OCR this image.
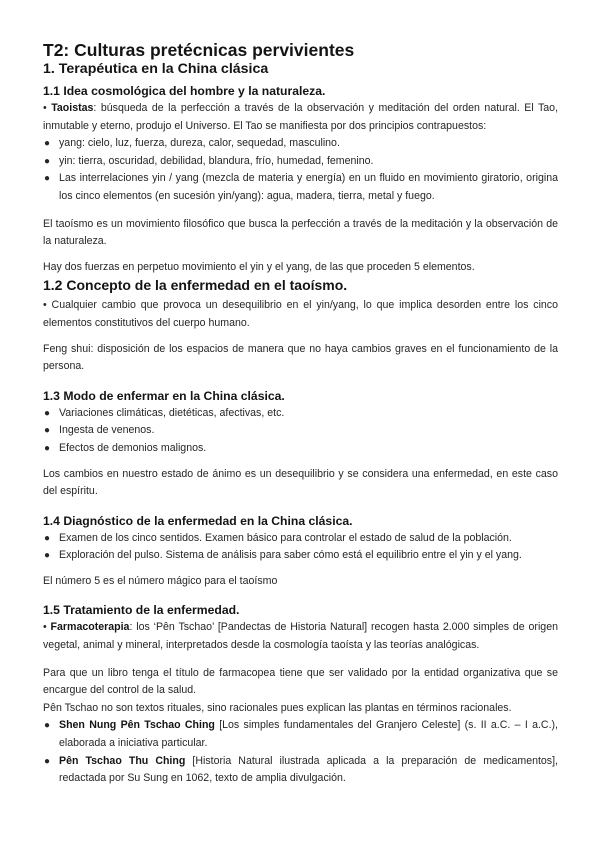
T2: Culturas pretécnicas pervivientes
1. Terapéutica en la China clásica
1.1 Idea cosmológica del hombre y la naturaleza.

• Taoistas: búsqueda de la perfección a través de la observación y meditación del orden natural. El Tao, inmutable y eterno, produjo el Universo. El Tao se manifiesta por dos principios contrapuestos:

● yang: cielo, luz, fuerza, dureza, calor, sequedad, masculino.
● yin: tierra, oscuridad, debilidad, blandura, frío, humedad, femenino.
● Las interrelaciones yin / yang (mezcla de materia y energía) en un fluido en movimiento giratorio, origina los cinco elementos (en sucesión yin/yang): agua, madera, tierra, metal y fuego.

El taoísmo es un movimiento filosófico que busca la perfección a través de la meditación y la observación de la naturaleza.

Hay dos fuerzas en perpetuo movimiento el yin y el yang, de las que proceden 5 elementos.

1.2 Concepto de la enfermedad en el taoísmo.

• Cualquier cambio que provoca un desequilibrio en el yin/yang, lo que implica desorden entre los cinco elementos constitutivos del cuerpo humano.

Feng shui: disposición de los espacios de manera que no haya cambios graves en el funcionamiento de la persona.

1.3 Modo de enfermar en la China clásica.
● Variaciones climáticas, dietéticas, afectivas, etc.
● Ingesta de venenos.
● Efectos de demonios malignos.

Los cambios en nuestro estado de ánimo es un desequilibrio y se considera una enfermedad, en este caso del espíritu.

1.4 Diagnóstico de la enfermedad en la China clásica.
● Examen de los cinco sentidos. Examen básico para controlar el estado de salud de la población.
● Exploración del pulso. Sistema de análisis para saber cómo está el equilibrio entre el yin y el yang.

El número 5 es el número mágico para el taoísmo

1.5 Tratamiento de la enfermedad.

• Farmacoterapia: los ‘Pên Tschao’ [Pandectas de Historia Natural] recogen hasta 2.000 simples de origen vegetal, animal y mineral, interpretados desde la cosmología taoísta y las teorías analógicas.

Para que un libro tenga el título de farmacopea tiene que ser validado por la entidad organizativa que se encargue del control de la salud.

Pên Tschao no son textos rituales, sino racionales pues explican las plantas en términos racionales.

● Shen Nung Pên Tschao Ching [Los simples fundamentales del Granjero Celeste] (s. II a.C. – I a.C.), elaborada a iniciativa particular.
● Pên Tschao Thu Ching [Historia Natural ilustrada aplicada a la preparación de medicamentos], redactada por Su Sung en 1062, texto de amplia divulgación.
